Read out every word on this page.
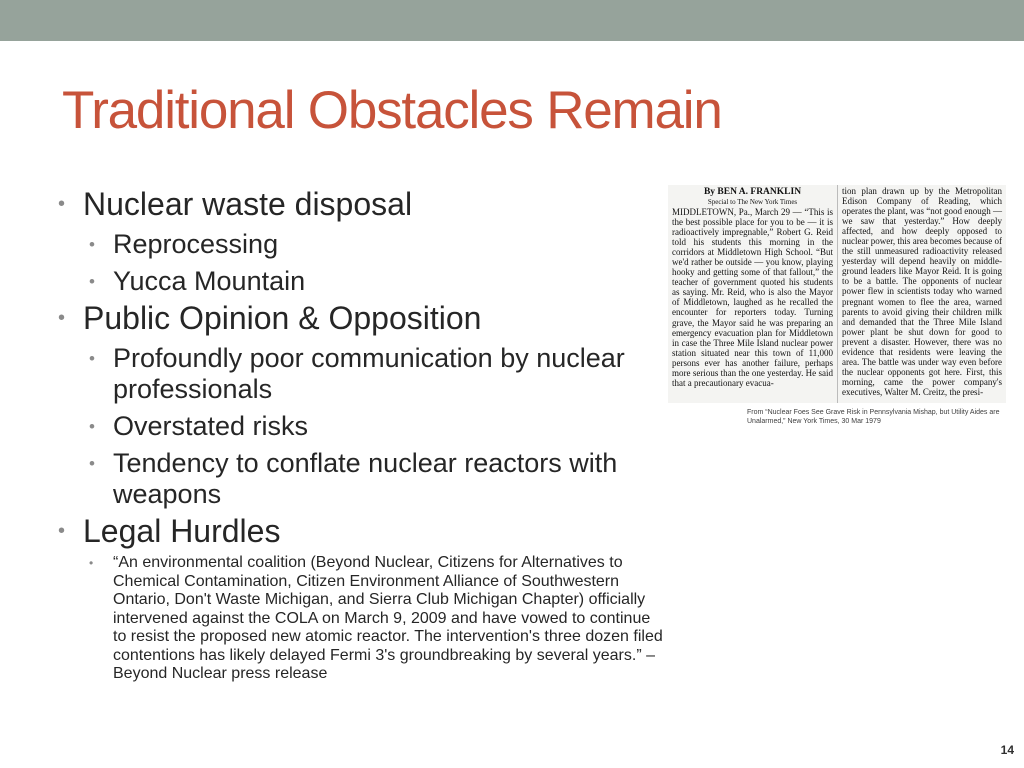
Traditional Obstacles Remain
• Nuclear waste disposal
• Reprocessing
• Yucca Mountain
• Public Opinion & Opposition
• Profoundly poor communication by nuclear professionals
• Overstated risks
• Tendency to conflate nuclear reactors with weapons
• Legal Hurdles
• “An environmental coalition (Beyond Nuclear, Citizens for Alternatives to Chemical Contamination, Citizen Environment Alliance of Southwestern Ontario, Don't Waste Michigan, and Sierra Club Michigan Chapter) officially intervened against the COLA on March 9, 2009 and have vowed to continue to resist the proposed new atomic reactor. The intervention's three dozen filed contentions has likely delayed Fermi 3's groundbreaking by several years.” –Beyond Nuclear press release
By BEN A. FRANKLIN
Special to The New York Times
MIDDLETOWN, Pa., March 29 — “This is the best possible place for you to be — it is radioactively impregnable,” Robert G. Reid told his students this morning in the corridors at Middletown High School. “But we'd rather be outside — you know, playing hooky and getting some of that fallout,” the teacher of government quoted his students as saying. Mr. Reid, who is also the Mayor of Middletown, laughed as he recalled the encounter for reporters today. Turning grave, the Mayor said he was preparing an emergency evacuation plan for Middletown in case the Three Mile Island nuclear power station situated near this town of 11,000 persons ever has another failure, perhaps more serious than the one yesterday. He said that a precautionary evacua-
tion plan drawn up by the Metropolitan Edison Company of Reading, which operates the plant, was “not good enough — we saw that yesterday.” How deeply affected, and how deeply opposed to nuclear power, this area becomes because of the still unmeasured radioactivity released yesterday will depend heavily on middle-ground leaders like Mayor Reid. It is going to be a battle. The opponents of nuclear power flew in scientists today who warned pregnant women to flee the area, warned parents to avoid giving their children milk and demanded that the Three Mile Island power plant be shut down for good to prevent a disaster. However, there was no evidence that residents were leaving the area. The battle was under way even before the nuclear opponents got here. First, this morning, came the power company's executives, Walter M. Creitz, the presi-
From “Nuclear Foes See Grave Risk in Pennsylvania Mishap, but Utility Aides are Unalarmed,” New York Times, 30 Mar 1979
14
